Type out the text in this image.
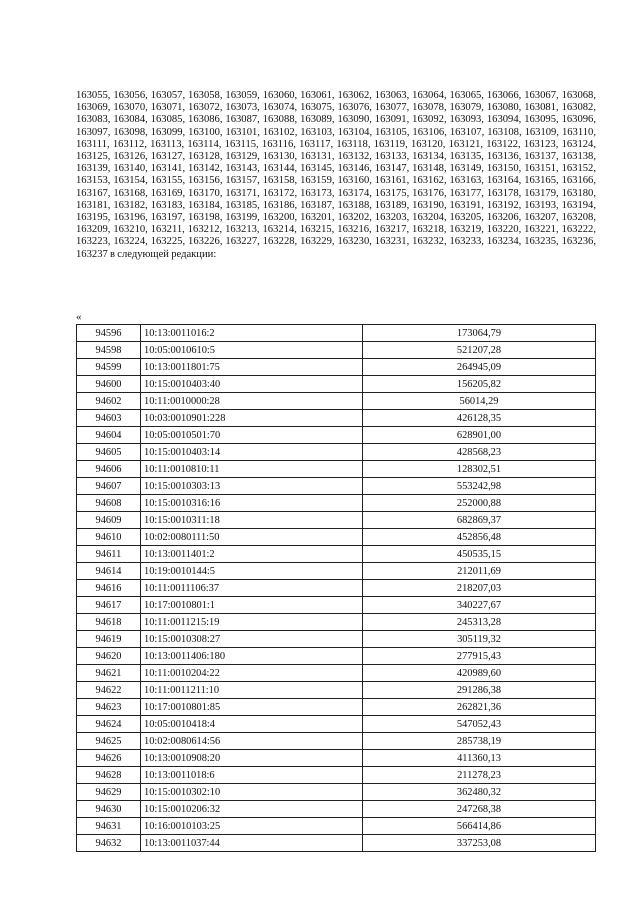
163055, 163056, 163057, 163058, 163059, 163060, 163061, 163062, 163063, 163064, 163065, 163066, 163067, 163068, 163069, 163070, 163071, 163072, 163073, 163074, 163075, 163076, 163077, 163078, 163079, 163080, 163081, 163082, 163083, 163084, 163085, 163086, 163087, 163088, 163089, 163090, 163091, 163092, 163093, 163094, 163095, 163096, 163097, 163098, 163099, 163100, 163101, 163102, 163103, 163104, 163105, 163106, 163107, 163108, 163109, 163110, 163111, 163112, 163113, 163114, 163115, 163116, 163117, 163118, 163119, 163120, 163121, 163122, 163123, 163124, 163125, 163126, 163127, 163128, 163129, 163130, 163131, 163132, 163133, 163134, 163135, 163136, 163137, 163138, 163139, 163140, 163141, 163142, 163143, 163144, 163145, 163146, 163147, 163148, 163149, 163150, 163151, 163152, 163153, 163154, 163155, 163156, 163157, 163158, 163159, 163160, 163161, 163162, 163163, 163164, 163165, 163166, 163167, 163168, 163169, 163170, 163171, 163172, 163173, 163174, 163175, 163176, 163177, 163178, 163179, 163180, 163181, 163182, 163183, 163184, 163185, 163186, 163187, 163188, 163189, 163190, 163191, 163192, 163193, 163194, 163195, 163196, 163197, 163198, 163199, 163200, 163201, 163202, 163203, 163204, 163205, 163206, 163207, 163208, 163209, 163210, 163211, 163212, 163213, 163214, 163215, 163216, 163217, 163218, 163219, 163220, 163221, 163222, 163223, 163224, 163225, 163226, 163227, 163228, 163229, 163230, 163231, 163232, 163233, 163234, 163235, 163236, 163237 в следующей редакции:
«
94596	10:13:0011016:2	173064,79
94598	10:05:0010610:5	521207,28
94599	10:13:0011801:75	264945,09
94600	10:15:0010403:40	156205,82
94602	10:11:0010000:28	56014,29
94603	10:03:0010901:228	426128,35
94604	10:05:0010501:70	628901,00
94605	10:15:0010403:14	428568,23
94606	10:11:0010810:11	128302,51
94607	10:15:0010303:13	553242,98
94608	10:15:0010316:16	252000,88
94609	10:15:0010311:18	682869,37
94610	10:02:0080111:50	452856,48
94611	10:13:0011401:2	450535,15
94614	10:19:0010144:5	212011,69
94616	10:11:0011106:37	218207,03
94617	10:17:0010801:1	340227,67
94618	10:11:0011215:19	245313,28
94619	10:15:0010308:27	305119,32
94620	10:13:0011406:180	277915,43
94621	10:11:0010204:22	420989,60
94622	10:11:0011211:10	291286,38
94623	10:17:0010801:85	262821,36
94624	10:05:0010418:4	547052,43
94625	10:02:0080614:56	285738,19
94626	10:13:0010908:20	411360,13
94628	10:13:0011018:6	211278,23
94629	10:15:0010302:10	362480,32
94630	10:15:0010206:32	247268,38
94631	10:16:0010103:25	566414,86
94632	10:13:0011037:44	337253,08
